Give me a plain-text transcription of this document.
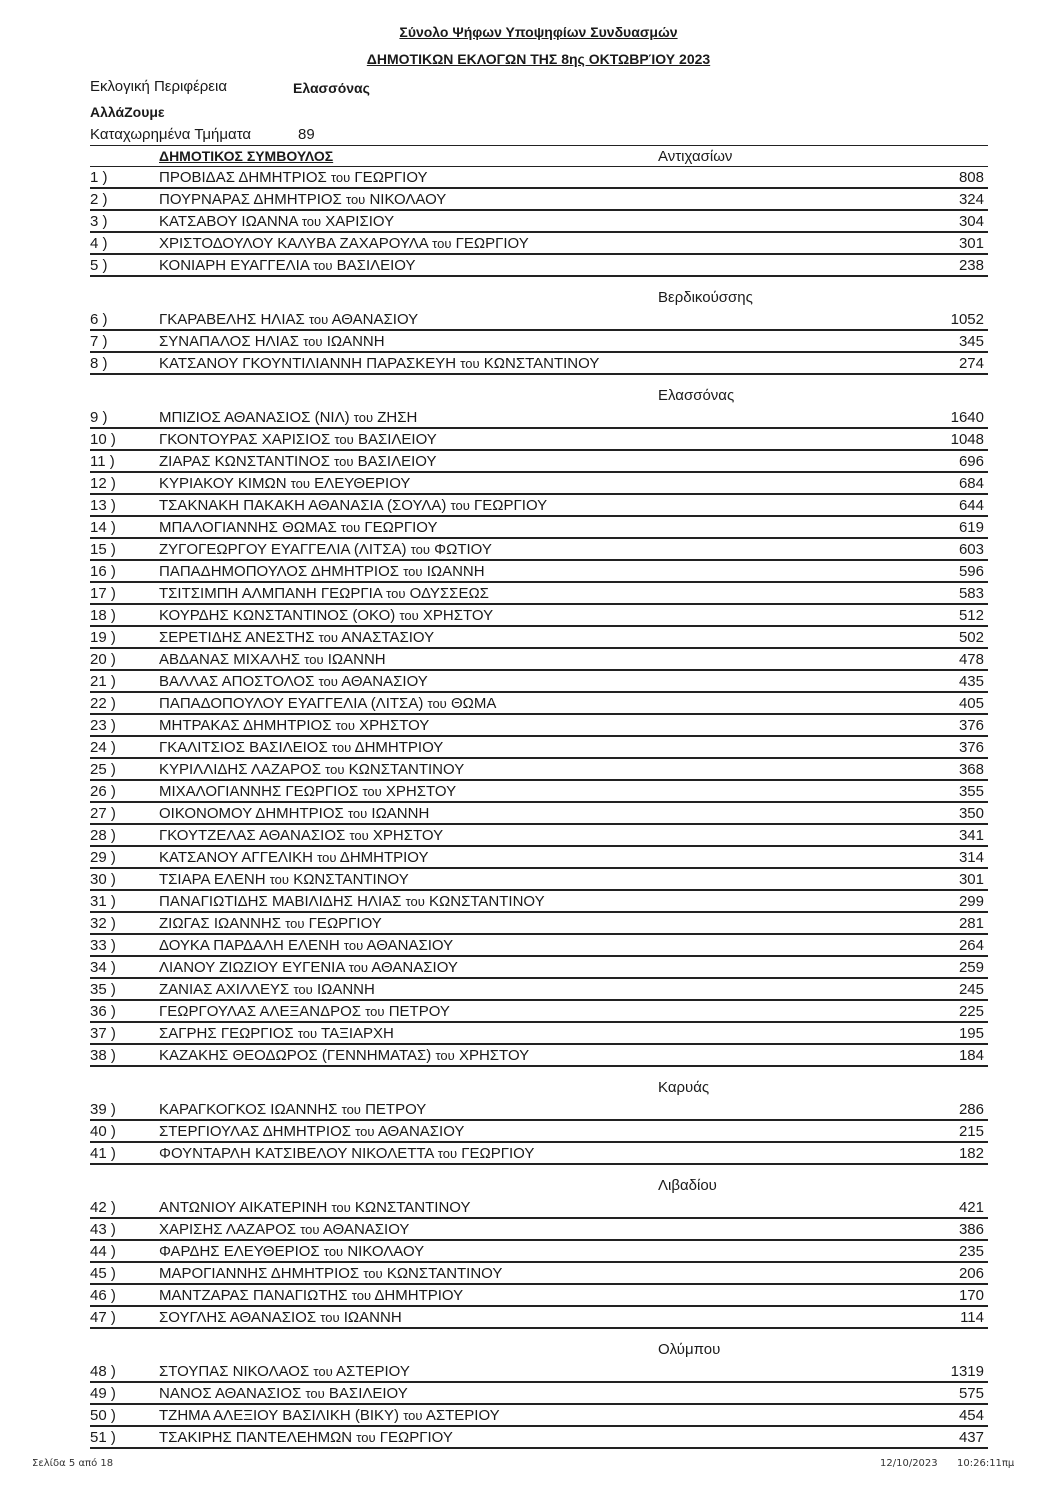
Σύνολο Ψήφων Υποψηφίων Συνδυασμών
ΔΗΜΟΤΙΚΩΝ ΕΚΛΟΓΩΝ ΤΗΣ 8ης ΟΚΤΩΒΡΊΟΥ 2023
Εκλογική Περιφέρεια	Ελασσόνας
ΑλλάΖουμε
Καταχωρημένα Τμήματα	89
ΔΗΜΟΤΙΚΟΣ ΣΥΜΒΟΥΛΟΣ	Αντιχασίων
1 )	ΠΡΟΒΙΔΑΣ ΔΗΜΗΤΡΙΟΣ του ΓΕΩΡΓΙΟΥ	808
2 )	ΠΟΥΡΝΑΡΑΣ ΔΗΜΗΤΡΙΟΣ του ΝΙΚΟΛΑΟΥ	324
3 )	ΚΑΤΣΑΒΟΥ ΙΩΑΝΝΑ του ΧΑΡΙΣΙΟΥ	304
4 )	ΧΡΙΣΤΟΔΟΥΛΟΥ ΚΑΛΥΒΑ ΖΑΧΑΡΟΥΛΑ του ΓΕΩΡΓΙΟΥ	301
5 )	ΚΟΝΙΑΡΗ ΕΥΑΓΓΕΛΙΑ του ΒΑΣΙΛΕΙΟΥ	238
Βερδικούσσης
6 )	ΓΚΑΡΑΒΕΛΗΣ ΗΛΙΑΣ του ΑΘΑΝΑΣΙΟΥ	1052
7 )	ΣΥΝΑΠΑΛΟΣ ΗΛΙΑΣ του ΙΩΑΝΝΗ	345
8 )	ΚΑΤΣΑΝΟΥ ΓΚΟΥΝΤΙΛΙΑΝΝΗ ΠΑΡΑΣΚΕΥΗ του ΚΩΝΣΤΑΝΤΙΝΟΥ	274
Ελασσόνας
9 )	ΜΠΙΖΙΟΣ ΑΘΑΝΑΣΙΟΣ (ΝΙΛ) του ΖΗΣΗ	1640
10 )	ΓΚΟΝΤΟΥΡΑΣ ΧΑΡΙΣΙΟΣ του ΒΑΣΙΛΕΙΟΥ	1048
11 )	ΖΙΑΡΑΣ ΚΩΝΣΤΑΝΤΙΝΟΣ του ΒΑΣΙΛΕΙΟΥ	696
12 )	ΚΥΡΙΑΚΟΥ ΚΙΜΩΝ του ΕΛΕΥΘΕΡΙΟΥ	684
13 )	ΤΣΑΚΝΑΚΗ ΠΑΚΑΚΗ ΑΘΑΝΑΣΙΑ (ΣΟΥΛΑ) του ΓΕΩΡΓΙΟΥ	644
14 )	ΜΠΑΛΟΓΙΑΝΝΗΣ ΘΩΜΑΣ του ΓΕΩΡΓΙΟΥ	619
15 )	ΖΥΓΟΓΕΩΡΓΟΥ ΕΥΑΓΓΕΛΙΑ (ΛΙΤΣΑ) του ΦΩΤΙΟΥ	603
16 )	ΠΑΠΑΔΗΜΟΠΟΥΛΟΣ ΔΗΜΗΤΡΙΟΣ του ΙΩΑΝΝΗ	596
17 )	ΤΣΙΤΣΙΜΠΗ ΑΛΜΠΑΝΗ ΓΕΩΡΓΙΑ του ΟΔΥΣΣΕΩΣ	583
18 )	ΚΟΥΡΔΗΣ ΚΩΝΣΤΑΝΤΙΝΟΣ (ΟΚΟ) του ΧΡΗΣΤΟΥ	512
19 )	ΣΕΡΕΤΙΔΗΣ ΑΝΕΣΤΗΣ του ΑΝΑΣΤΑΣΙΟΥ	502
20 )	ΑΒΔΑΝΑΣ ΜΙΧΑΛΗΣ του ΙΩΑΝΝΗ	478
21 )	ΒΑΛΛΑΣ ΑΠΟΣΤΟΛΟΣ του ΑΘΑΝΑΣΙΟΥ	435
22 )	ΠΑΠΑΔΟΠΟΥΛΟΥ ΕΥΑΓΓΕΛΙΑ (ΛΙΤΣΑ) του ΘΩΜΑ	405
23 )	ΜΗΤΡΑΚΑΣ ΔΗΜΗΤΡΙΟΣ του ΧΡΗΣΤΟΥ	376
24 )	ΓΚΑΛΙΤΣΙΟΣ ΒΑΣΙΛΕΙΟΣ του ΔΗΜΗΤΡΙΟΥ	376
25 )	ΚΥΡΙΛΛΙΔΗΣ ΛΑΖΑΡΟΣ του ΚΩΝΣΤΑΝΤΙΝΟΥ	368
26 )	ΜΙΧΑΛΟΓΙΑΝΝΗΣ ΓΕΩΡΓΙΟΣ του ΧΡΗΣΤΟΥ	355
27 )	ΟΙΚΟΝΟΜΟΥ ΔΗΜΗΤΡΙΟΣ του ΙΩΑΝΝΗ	350
28 )	ΓΚΟΥΤΖΕΛΑΣ ΑΘΑΝΑΣΙΟΣ του ΧΡΗΣΤΟΥ	341
29 )	ΚΑΤΣΑΝΟΥ ΑΓΓΕΛΙΚΗ του ΔΗΜΗΤΡΙΟΥ	314
30 )	ΤΣΙΑΡΑ ΕΛΕΝΗ του ΚΩΝΣΤΑΝΤΙΝΟΥ	301
31 )	ΠΑΝΑΓΙΩΤΙΔΗΣ ΜΑΒΙΛΙΔΗΣ ΗΛΙΑΣ του ΚΩΝΣΤΑΝΤΙΝΟΥ	299
32 )	ΖΙΩΓΑΣ ΙΩΑΝΝΗΣ του ΓΕΩΡΓΙΟΥ	281
33 )	ΔΟΥΚΑ ΠΑΡΔΑΛΗ ΕΛΕΝΗ του ΑΘΑΝΑΣΙΟΥ	264
34 )	ΛΙΑΝΟΥ ΖΙΩΖΙΟΥ ΕΥΓΕΝΙΑ του ΑΘΑΝΑΣΙΟΥ	259
35 )	ΖΑΝΙΑΣ ΑΧΙΛΛΕΥΣ του ΙΩΑΝΝΗ	245
36 )	ΓΕΩΡΓΟΥΛΑΣ ΑΛΕΞΑΝΔΡΟΣ του ΠΕΤΡΟΥ	225
37 )	ΣΑΓΡΗΣ ΓΕΩΡΓΙΟΣ του ΤΑΞΙΑΡΧΗ	195
38 )	ΚΑΖΑΚΗΣ ΘΕΟΔΩΡΟΣ (ΓΕΝΝΗΜΑΤΑΣ) του ΧΡΗΣΤΟΥ	184
Καρυάς
39 )	ΚΑΡΑΓΚΟΓΚΟΣ ΙΩΑΝΝΗΣ του ΠΕΤΡΟΥ	286
40 )	ΣΤΕΡΓΙΟΥΛΑΣ ΔΗΜΗΤΡΙΟΣ του ΑΘΑΝΑΣΙΟΥ	215
41 )	ΦΟΥΝΤΑΡΛΗ ΚΑΤΣΙΒΕΛΟΥ ΝΙΚΟΛΕΤΤΑ του ΓΕΩΡΓΙΟΥ	182
Λιβαδίου
42 )	ΑΝΤΩΝΙΟΥ ΑΙΚΑΤΕΡΙΝΗ του ΚΩΝΣΤΑΝΤΙΝΟΥ	421
43 )	ΧΑΡΙΣΗΣ ΛΑΖΑΡΟΣ του ΑΘΑΝΑΣΙΟΥ	386
44 )	ΦΑΡΔΗΣ ΕΛΕΥΘΕΡΙΟΣ του ΝΙΚΟΛΑΟΥ	235
45 )	ΜΑΡΟΓΙΑΝΝΗΣ ΔΗΜΗΤΡΙΟΣ του ΚΩΝΣΤΑΝΤΙΝΟΥ	206
46 )	ΜΑΝΤΖΑΡΑΣ ΠΑΝΑΓΙΩΤΗΣ του ΔΗΜΗΤΡΙΟΥ	170
47 )	ΣΟΥΓΛΗΣ ΑΘΑΝΑΣΙΟΣ του ΙΩΑΝΝΗ	114
Ολύμπου
48 )	ΣΤΟΥΠΑΣ ΝΙΚΟΛΑΟΣ του ΑΣΤΕΡΙΟΥ	1319
49 )	ΝΑΝΟΣ ΑΘΑΝΑΣΙΟΣ του ΒΑΣΙΛΕΙΟΥ	575
50 )	ΤΖΗΜΑ ΑΛΕΞΙΟΥ ΒΑΣΙΛΙΚΗ (ΒΙΚΥ) του ΑΣΤΕΡΙΟΥ	454
51 )	ΤΣΑΚΙΡΗΣ ΠΑΝΤΕΛΕΗΜΩΝ του ΓΕΩΡΓΙΟΥ	437
Σελίδα 5 από 18	12/10/2023 10:26:11πμ
